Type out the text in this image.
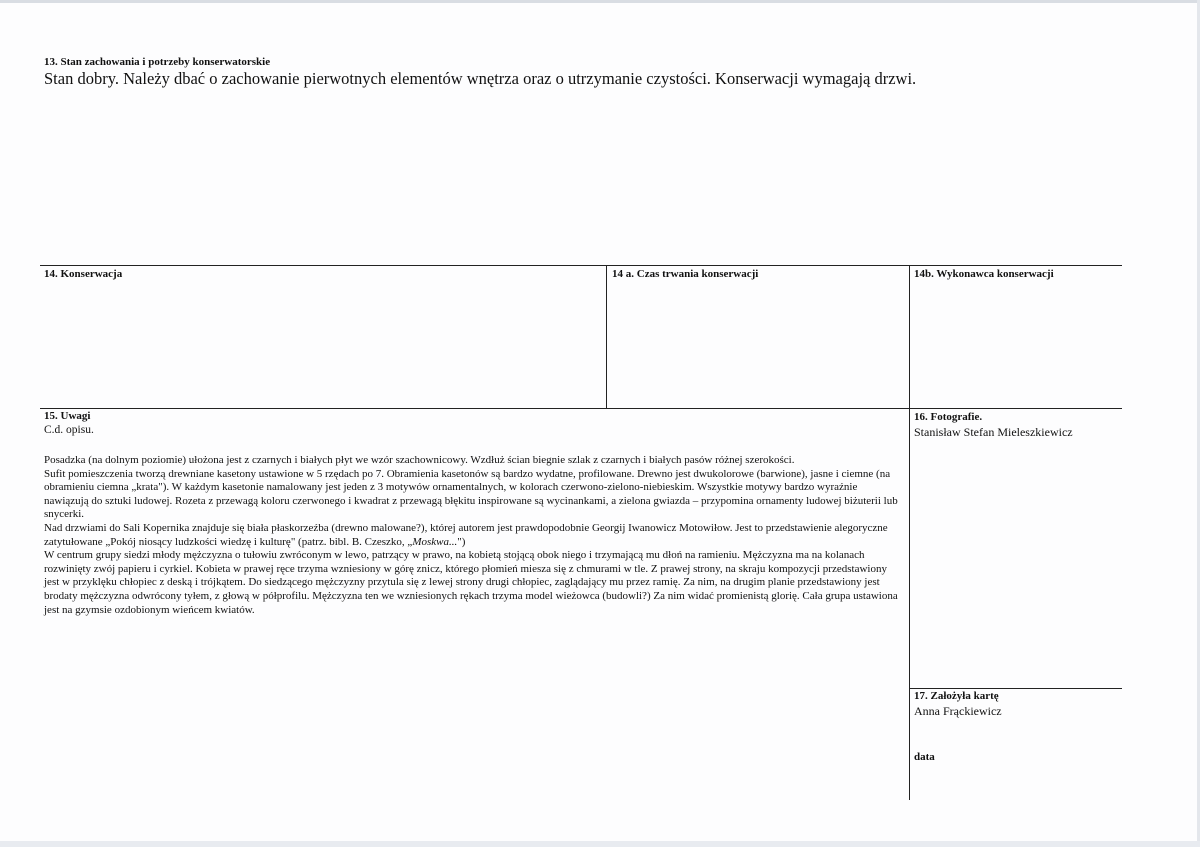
13. Stan zachowania i potrzeby konserwatorskie
Stan dobry. Należy dbać o zachowanie pierwotnych elementów wnętrza oraz o utrzymanie czystości. Konserwacji wymagają drzwi.
14. Konserwacja	14 a. Czas trwania konserwacji	14b. Wykonawca konserwacji
15. Uwagi
C.d. opisu.

Posadzka (na dolnym poziomie) ułożona jest z czarnych i białych płyt we wzór szachownicowy. Wzdłuż ścian biegnie szlak z czarnych i białych pasów różnej szerokości.

Sufit pomieszczenia tworzą drewniane kasetony ustawione w 5 rzędach po 7. Obramienia kasetonów są bardzo wydatne, profilowane. Drewno jest dwukolorowe (barwione), jasne i ciemne (na obramieniu ciemna „krata"). W każdym kasetonie namalowany jest jeden z 3 motywów ornamentalnych, w kolorach czerwono-zielono-niebieskim. Wszystkie motywy bardzo wyraźnie nawiązują do sztuki ludowej. Rozeta z przewagą koloru czerwonego i kwadrat z przewagą błękitu inspirowane są wycinankami, a zielona gwiazda – przypomina ornamenty ludowej biżuterii lub snycerki.

Nad drzwiami do Sali Kopernika znajduje się biała płaskorzeźba (drewno malowane?), której autorem jest prawdopodobnie Georgij Iwanowicz Motowiłow. Jest to przedstawienie alegoryczne zatytułowane „Pokój niosący ludzkości wiedzę i kulturę" (patrz. bibl. B. Czeszko, „Moskwa...")

W centrum grupy siedzi młody mężczyzna o tułowiu zwróconym w lewo, patrzący w prawo, na kobietą stojącą obok niego i trzymającą mu dłoń na ramieniu. Mężczyzna ma na kolanach rozwinięty zwój papieru i cyrkiel. Kobieta w prawej ręce trzyma wzniesiony w górę znicz, którego płomień miesza się z chmurami w tle. Z prawej strony, na skraju kompozycji przedstawiony jest w przyklęku chłopiec z deską i trójkątem. Do siedzącego mężczyzny przytula się z lewej strony drugi chłopiec, zaglądający mu przez ramię. Za nim, na drugim planie przedstawiony jest brodaty mężczyzna odwrócony tyłem, z głową w półprofilu. Mężczyzna ten we wzniesionych rękach trzyma model wieżowca (budowli?) Za nim widać promienistą glorię. Cała grupa ustawiona jest na gzymsie ozdobionym wieńcem kwiatów.

16. Fotografie.
Stanisław Stefan Mieleszkiewicz
17. Założyła kartę
Anna Frąckiewicz
data
